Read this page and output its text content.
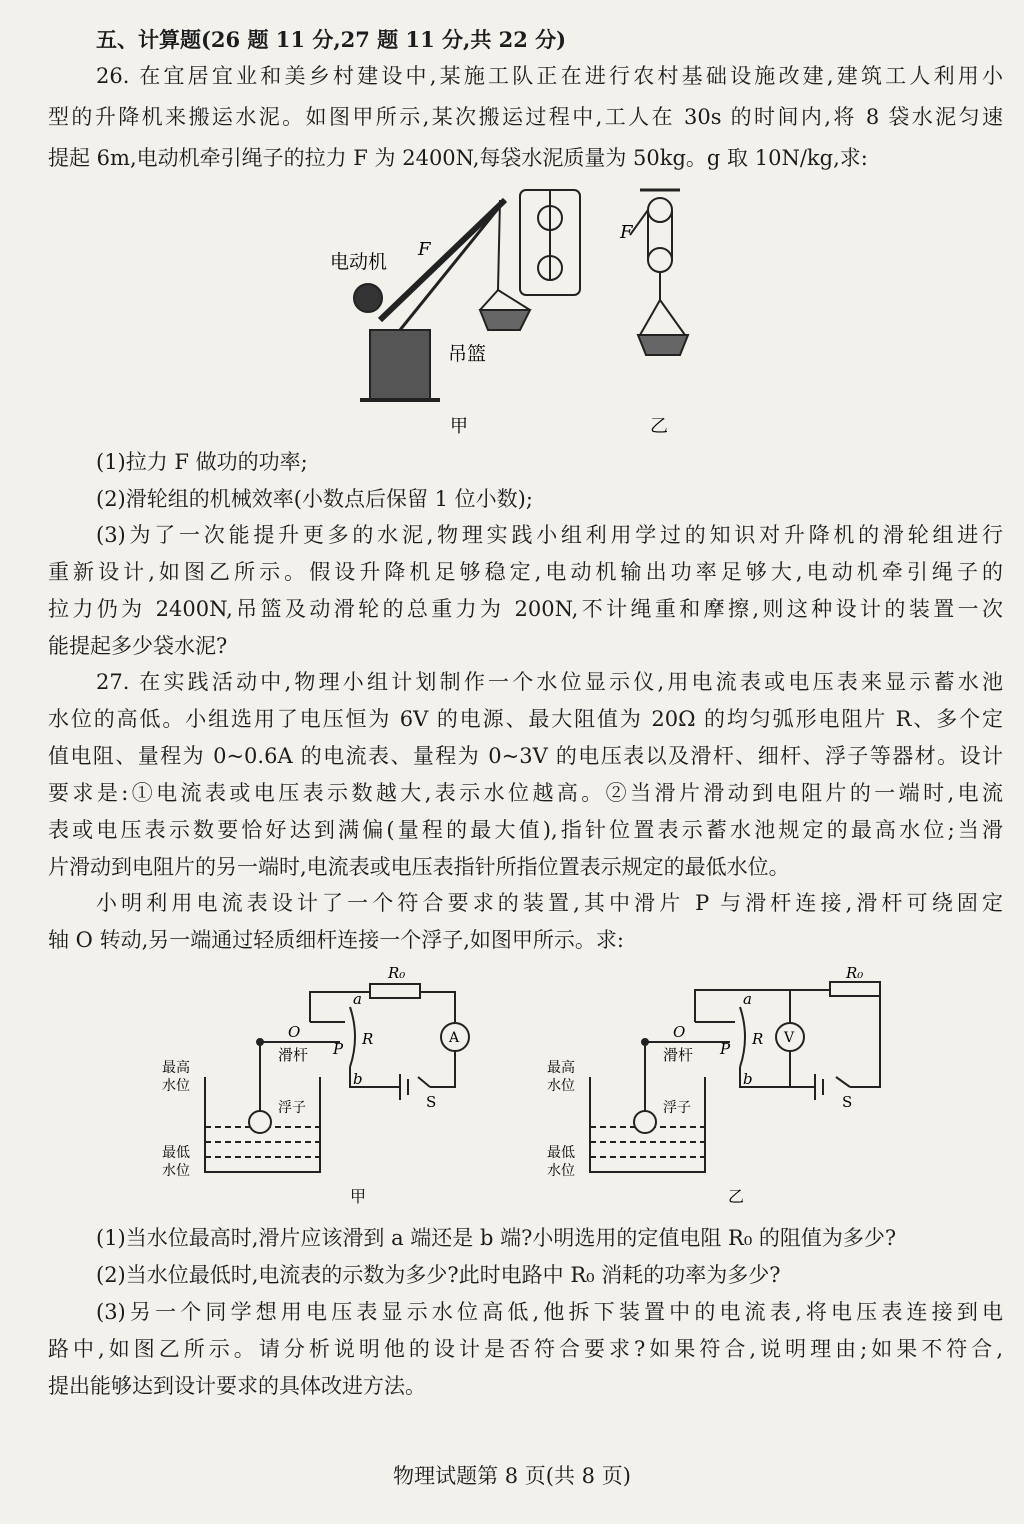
五、计算题(26 题 11 分,27 题 11 分,共 22 分)
26. 在宜居宜业和美乡村建设中,某施工队正在进行农村基础设施改建,建筑工人利用小
型的升降机来搬运水泥。如图甲所示,某次搬运过程中,工人在 30s 的时间内,将 8 袋水泥匀速
提起 6m,电动机牵引绳子的拉力 F 为 2400N,每袋水泥质量为 50kg。g 取 10N/kg,求:
电动机
F
吊篮
F
甲	乙
(1)拉力 F 做功的功率;
(2)滑轮组的机械效率(小数点后保留 1 位小数);
(3)为了一次能提升更多的水泥,物理实践小组利用学过的知识对升降机的滑轮组进行
重新设计,如图乙所示。假设升降机足够稳定,电动机输出功率足够大,电动机牵引绳子的
拉力仍为 2400N,吊篮及动滑轮的总重力为 200N,不计绳重和摩擦,则这种设计的装置一次
能提起多少袋水泥?
27. 在实践活动中,物理小组计划制作一个水位显示仪,用电流表或电压表来显示蓄水池
水位的高低。小组选用了电压恒为 6V 的电源、最大阻值为 20Ω 的均匀弧形电阻片 R、多个定
值电阻、量程为 0~0.6A 的电流表、量程为 0~3V 的电压表以及滑杆、细杆、浮子等器材。设计
要求是:①电流表或电压表示数越大,表示水位越高。②当滑片滑动到电阻片的一端时,电流
表或电压表示数要恰好达到满偏(量程的最大值),指针位置表示蓄水池规定的最高水位;当滑
片滑动到电阻片的另一端时,电流表或电压表指针所指位置表示规定的最低水位。
小明利用电流表设计了一个符合要求的装置,其中滑片 P 与滑杆连接,滑杆可绕固定
轴 O 转动,另一端通过轻质细杆连接一个浮子,如图甲所示。求:
R₀
a
b
O
P
R
滑杆
A
S
最高
水位
浮子
最低
水位
甲
R₀
a
b
O
P
R
滑杆
V
S
最高
水位
浮子
最低
水位
乙
(1)当水位最高时,滑片应该滑到 a 端还是 b 端?小明选用的定值电阻 R₀ 的阻值为多少?
(2)当水位最低时,电流表的示数为多少?此时电路中 R₀ 消耗的功率为多少?
(3)另一个同学想用电压表显示水位高低,他拆下装置中的电流表,将电压表连接到电
路中,如图乙所示。请分析说明他的设计是否符合要求?如果符合,说明理由;如果不符合,
提出能够达到设计要求的具体改进方法。
物理试题第 8 页(共 8 页)
